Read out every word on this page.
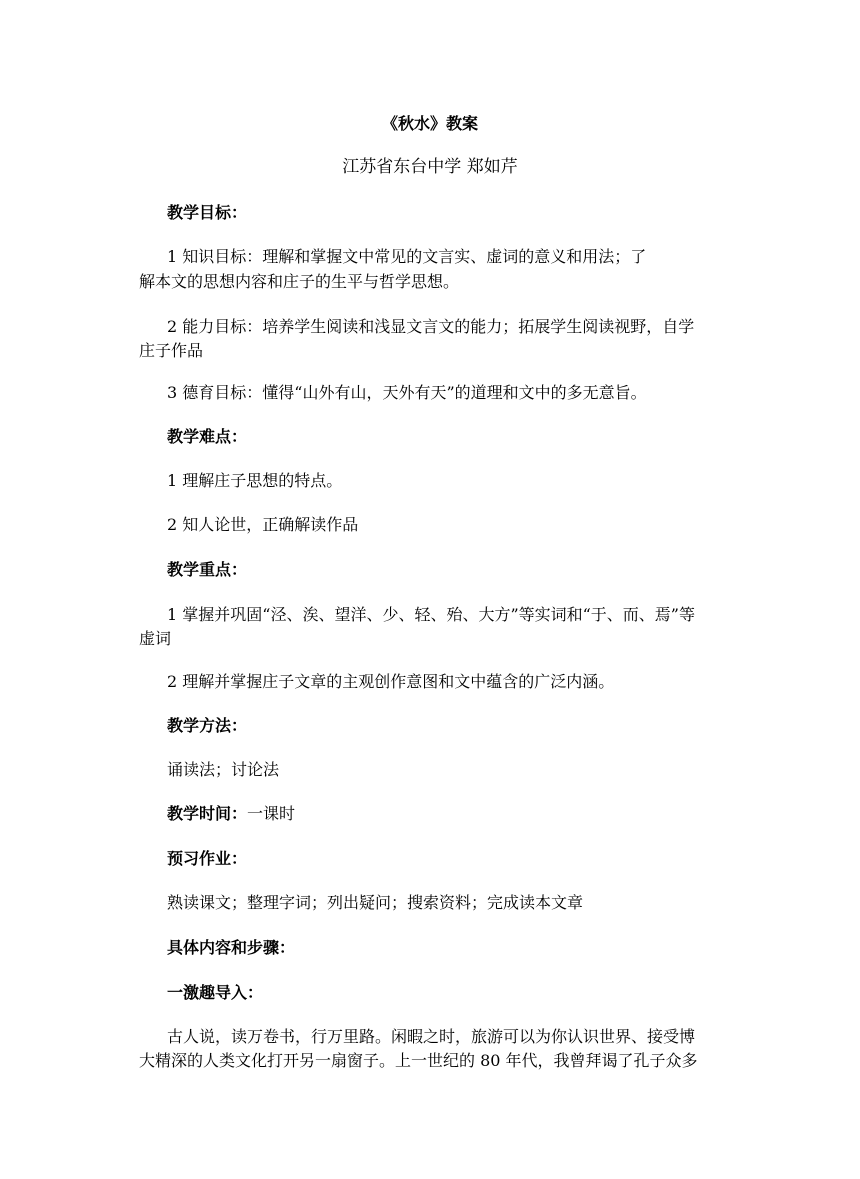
《秋水》教案
江苏省东台中学 郑如芹
教学目标：
1 知识目标：理解和掌握文中常见的文言实、虚词的意义和用法；了
解本文的思想内容和庄子的生平与哲学思想。
2 能力目标：培养学生阅读和浅显文言文的能力；拓展学生阅读视野，自学
庄子作品
3 德育目标：懂得“山外有山，天外有天”的道理和文中的多无意旨。
教学难点：
1 理解庄子思想的特点。
2 知人论世，正确解读作品
教学重点：
1 掌握并巩固“泾、涘、望洋、少、轻、殆、大方”等实词和“于、而、焉”等
虚词
2 理解并掌握庄子文章的主观创作意图和文中蕴含的广泛内涵。
教学方法：
诵读法；讨论法
教学时间：一课时
预习作业：
熟读课文；整理字词；列出疑问；搜索资料；完成读本文章
具体内容和步骤：
一激趣导入：
古人说，读万卷书，行万里路。闲暇之时，旅游可以为你认识世界、接受博
大精深的人类文化打开另一扇窗子。上一世纪的 80 年代，我曾拜谒了孔子众多
